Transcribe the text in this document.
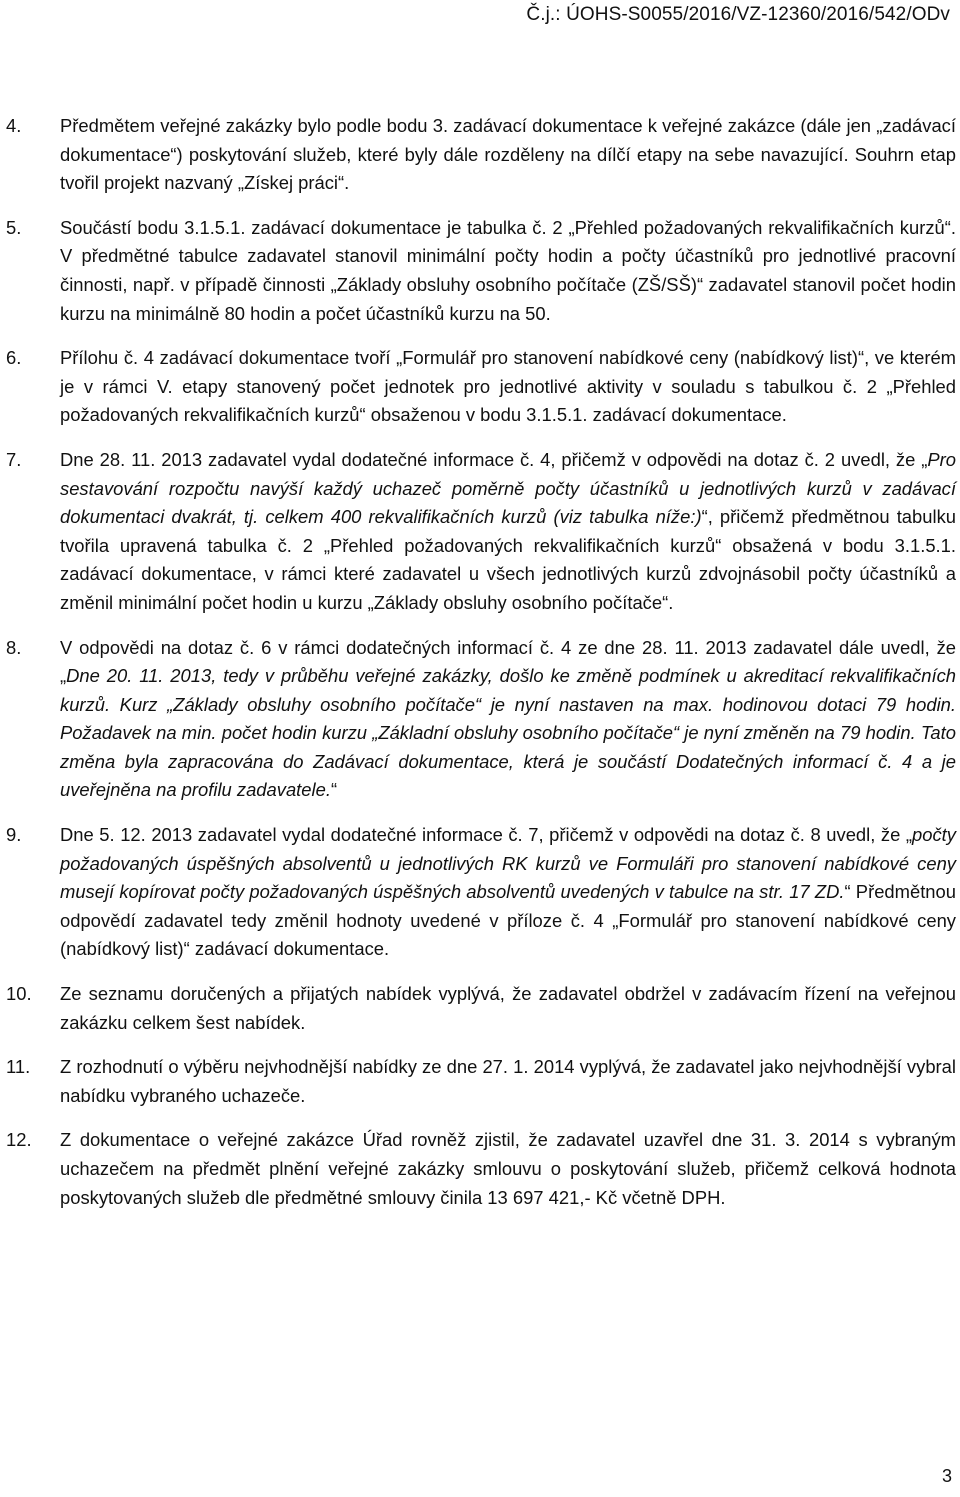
Č.j.: ÚOHS-S0055/2016/VZ-12360/2016/542/ODv
4. Předmětem veřejné zakázky bylo podle bodu 3. zadávací dokumentace k veřejné zakázce (dále jen „zadávací dokumentace“) poskytování služeb, které byly dále rozděleny na dílčí etapy na sebe navazující. Souhrn etap tvořil projekt nazvaný „Získej práci“.
5. Součástí bodu 3.1.5.1. zadávací dokumentace je tabulka č. 2 „Přehled požadovaných rekvalifikačních kurzů“. V předmětné tabulce zadavatel stanovil minimální počty hodin a počty účastníků pro jednotlivé pracovní činnosti, např. v případě činnosti „Základy obsluhy osobního počítače (ZŠ/SŠ)“ zadavatel stanovil počet hodin kurzu na minimálně 80 hodin a počet účastníků kurzu na 50.
6. Přílohu č. 4 zadávací dokumentace tvoří „Formulář pro stanovení nabídkové ceny (nabídkový list)“, ve kterém je v rámci V. etapy stanovený počet jednotek pro jednotlivé aktivity v souladu s tabulkou č. 2 „Přehled požadovaných rekvalifikačních kurzů“ obsaženou v bodu 3.1.5.1. zadávací dokumentace.
7. Dne 28. 11. 2013 zadavatel vydal dodatečné informace č. 4, přičemž v odpovědi na dotaz č. 2 uvedl, že „Pro sestavování rozpočtu navýší každý uchazeč poměrně počty účastníků u jednotlivých kurzů v zadávací dokumentaci dvakrát, tj. celkem 400 rekvalifikačních kurzů (viz tabulka níže:)“, přičemž předmětnou tabulku tvořila upravená tabulka č. 2 „Přehled požadovaných rekvalifikačních kurzů“ obsažená v bodu 3.1.5.1. zadávací dokumentace, v rámci které zadavatel u všech jednotlivých kurzů zdvojnásobil počty účastníků a změnil minimální počet hodin u kurzu „Základy obsluhy osobního počítače“.
8. V odpovědi na dotaz č. 6 v rámci dodatečných informací č. 4 ze dne 28. 11. 2013 zadavatel dále uvedl, že „Dne 20. 11. 2013, tedy v průběhu veřejné zakázky, došlo ke změně podmínek u akreditací rekvalifikačních kurzů. Kurz „Základy obsluhy osobního počítače“ je nyní nastaven na max. hodinovou dotaci 79 hodin. Požadavek na min. počet hodin kurzu „Základní obsluhy osobního počítače“ je nyní změněn na 79 hodin. Tato změna byla zapracována do Zadávací dokumentace, která je součástí Dodatečných informací č. 4 a je uveřejněna na profilu zadavatele.“
9. Dne 5. 12. 2013 zadavatel vydal dodatečné informace č. 7, přičemž v odpovědi na dotaz č. 8 uvedl, že „počty požadovaných úspěšných absolventů u jednotlivých RK kurzů ve Formuláři pro stanovení nabídkové ceny musejí kopírovat počty požadovaných úspěšných absolventů uvedených v tabulce na str. 17 ZD.“ Předmětnou odpovědí zadavatel tedy změnil hodnoty uvedené v příloze č. 4 „Formulář pro stanovení nabídkové ceny (nabídkový list)“ zadávací dokumentace.
10. Ze seznamu doručených a přijatých nabídek vyplývá, že zadavatel obdržel v zadávacím řízení na veřejnou zakázku celkem šest nabídek.
11. Z rozhodnutí o výběru nejvhodnější nabídky ze dne 27. 1. 2014 vyplývá, že zadavatel jako nejvhodnější vybral nabídku vybraného uchazeče.
12. Z dokumentace o veřejné zakázce Úřad rovněž zjistil, že zadavatel uzavřel dne 31. 3. 2014 s vybraným uchazečem na předmět plnění veřejné zakázky smlouvu o poskytování služeb, přičemž celková hodnota poskytovaných služeb dle předmětné smlouvy činila 13 697 421,- Kč včetně DPH.
3
